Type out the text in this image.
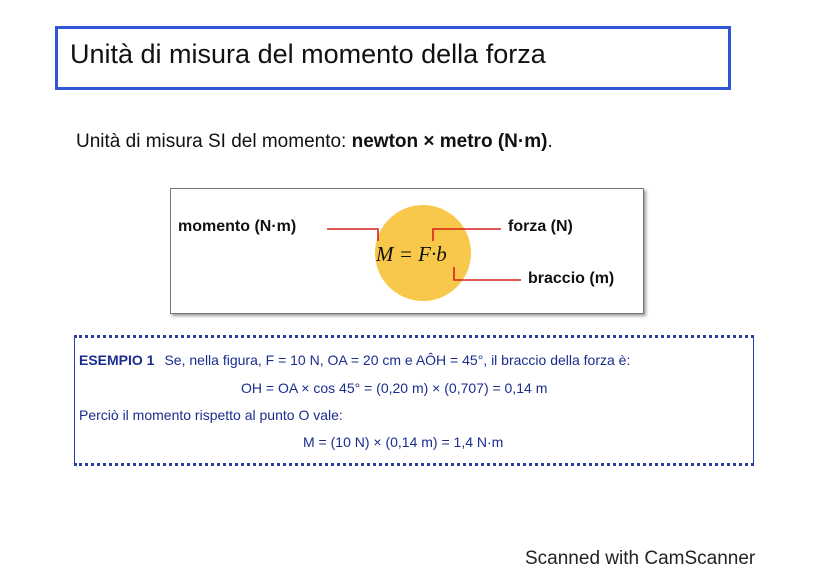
Unità di misura del momento della forza
Unità di misura SI del momento: newton × metro (N·m).
momento (N·m)	forza (N)
braccio (m)
M = F·b
ESEMPIO 1 Se, nella figura, F = 10 N, OA = 20 cm e AÔH = 45°, il braccio della forza è:
OH = OA × cos 45° = (0,20 m) × (0,707) = 0,14 m
Perciò il momento rispetto al punto O vale:
M = (10 N) × (0,14 m) = 1,4 N·m
Scanned with CamScanner
